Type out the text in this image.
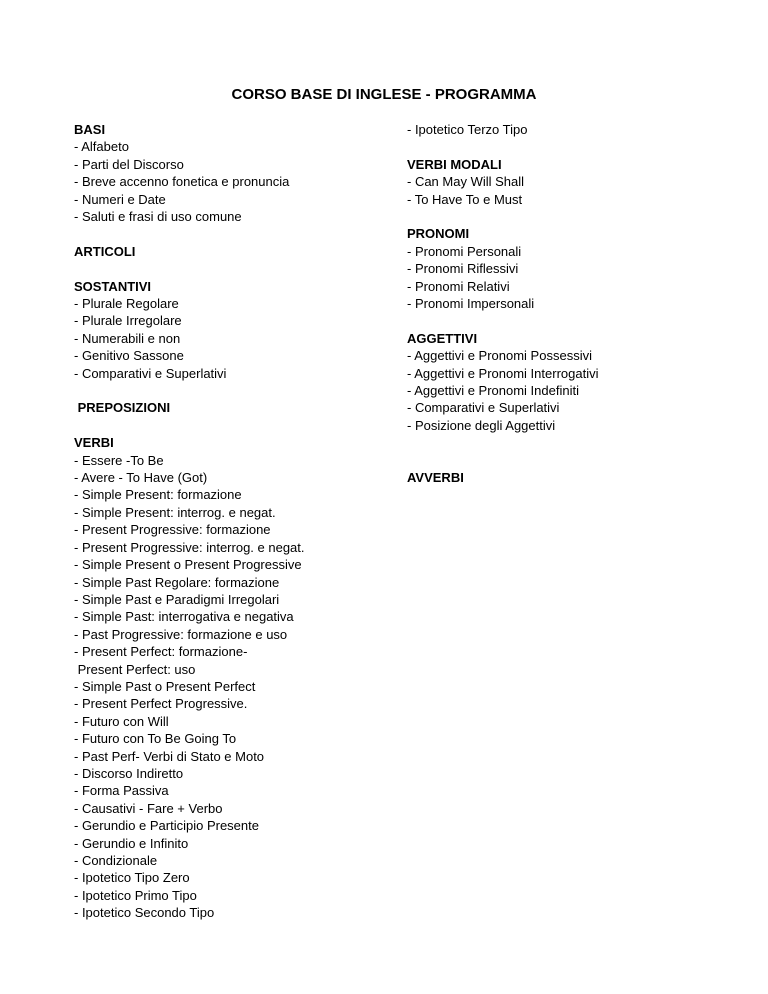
CORSO BASE DI INGLESE - PROGRAMMA
BASI
- Alfabeto
- Parti del Discorso
- Breve accenno fonetica e pronuncia
- Numeri e Date
- Saluti e frasi di uso comune
ARTICOLI
SOSTANTIVI
- Plurale Regolare
- Plurale Irregolare
- Numerabili e non
- Genitivo Sassone
- Comparativi e Superlativi
PREPOSIZIONI
VERBI
- Essere -To Be
- Avere - To Have (Got)
- Simple Present: formazione
- Simple Present: interrog. e negat.
- Present Progressive: formazione
- Present Progressive: interrog. e negat.
- Simple Present o Present Progressive
- Simple Past Regolare: formazione
- Simple Past e Paradigmi Irregolari
- Simple Past: interrogativa e negativa
- Past Progressive: formazione e uso
- Present Perfect: formazione-
Present Perfect: uso
- Simple Past o Present Perfect
- Present Perfect Progressive.
- Futuro con Will
- Futuro con To Be Going To
- Past Perf- Verbi di Stato e Moto
- Discorso Indiretto
- Forma Passiva
- Causativi - Fare + Verbo
- Gerundio e Participio Presente
- Gerundio e Infinito
- Condizionale
- Ipotetico Tipo Zero
- Ipotetico Primo Tipo
- Ipotetico Secondo Tipo
- Ipotetico Terzo Tipo
VERBI MODALI
- Can May Will Shall
- To Have To e Must
PRONOMI
- Pronomi Personali
- Pronomi Riflessivi
- Pronomi Relativi
- Pronomi Impersonali
AGGETTIVI
- Aggettivi e Pronomi Possessivi
- Aggettivi e Pronomi Interrogativi
- Aggettivi e Pronomi Indefiniti
- Comparativi e Superlativi
- Posizione degli Aggettivi
AVVERBI
